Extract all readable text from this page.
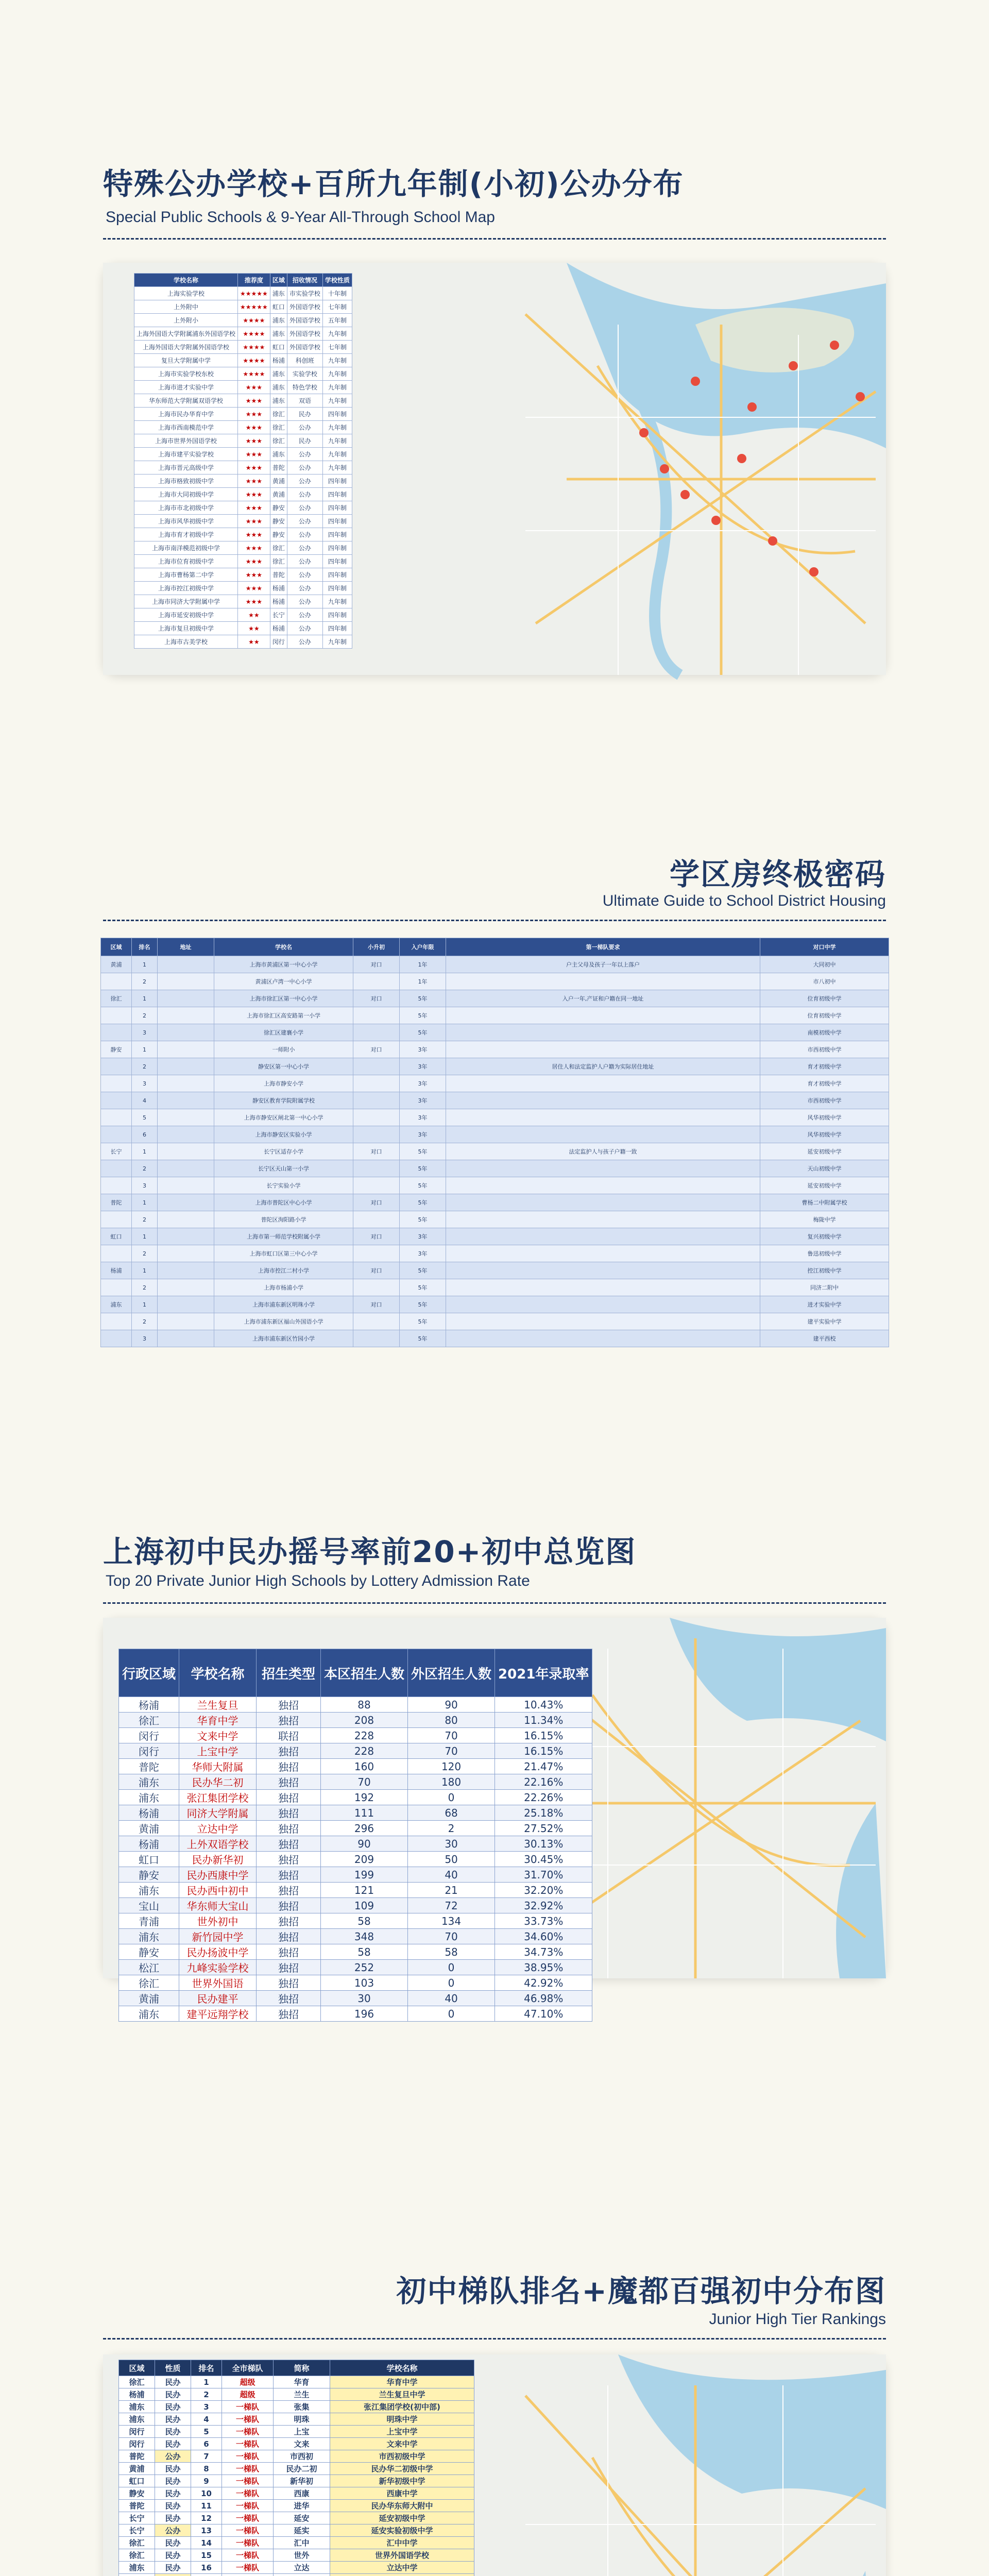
特殊公办学校+百所九年制(小初)公办分布
Special Public Schools & 9-Year All-Through School Map
学校名称	推荐度	区域	招收情况	学校性质
上海实验学校	★★★★★	浦东	市实验学校	十年制
上外附中	★★★★★	虹口	外国语学校	七年制
上外附小	★★★★	浦东	外国语学校	五年制
上海外国语大学附属浦东外国语学校	★★★★	浦东	外国语学校	九年制
上海外国语大学附属外国语学校	★★★★	虹口	外国语学校	七年制
复旦大学附属中学	★★★★	杨浦	科创班	九年制
上海市实验学校东校	★★★★	浦东	实验学校	九年制
上海市进才实验中学	★★★	浦东	特色学校	九年制
华东师范大学附属双语学校	★★★	浦东	双语	九年制
上海市民办华育中学	★★★	徐汇	民办	四年制
上海市西南模范中学	★★★	徐汇	公办	九年制
上海市世界外国语学校	★★★	徐汇	民办	九年制
上海市建平实验学校	★★★	浦东	公办	九年制
上海市晋元高级中学	★★★	普陀	公办	九年制
上海市格致初级中学	★★★	黄浦	公办	四年制
上海市大同初级中学	★★★	黄浦	公办	四年制
上海市市北初级中学	★★★	静安	公办	四年制
上海市风华初级中学	★★★	静安	公办	四年制
上海市育才初级中学	★★★	静安	公办	四年制
上海市南洋模范初级中学	★★★	徐汇	公办	四年制
上海市位育初级中学	★★★	徐汇	公办	四年制
上海市曹杨第二中学	★★★	普陀	公办	四年制
上海市控江初级中学	★★★	杨浦	公办	四年制
上海市同济大学附属中学	★★★	杨浦	公办	九年制
上海市延安初级中学	★★	长宁	公办	四年制
上海市复旦初级中学	★★	杨浦	公办	四年制
上海市古美学校	★★	闵行	公办	九年制
学区房终极密码
Ultimate Guide to School District Housing
区域	排名	地址	学校名	小升初	入户年限	第一梯队要求	对口中学
黄浦	1		上海市黄浦区第一中心小学	对口	1年	户主父母及孩子一年以上落户	大同初中
	2		黄浦区卢湾一中心小学		1年		市八初中
徐汇	1		上海市徐汇区第一中心小学	对口	5年	入户一年,产证和户籍在同一地址	位育初级中学
	2		上海市徐汇区高安路第一小学		5年		位育初级中学
	3		徐汇区建襄小学		5年		南模初级中学
静安	1		一师附小	对口	3年		市西初级中学
	2		静安区第一中心小学		3年	居住人和法定监护人户籍为实际居住地址	育才初级中学
	3		上海市静安小学		3年		育才初级中学
	4		静安区教育学院附属学校		3年		市西初级中学
	5		上海市静安区闸北第一中心小学		3年		风华初级中学
	6		上海市静安区实验小学		3年		风华初级中学
长宁	1		长宁区适存小学	对口	5年	法定监护人与孩子户籍一致	延安初级中学
	2		长宁区天山第一小学		5年		天山初级中学
	3		长宁实验小学		5年		延安初级中学
普陀	1		上海市普陀区中心小学	对口	5年		曹杨二中附属学校
	2		普陀区洵阳路小学		5年		梅陇中学
虹口	1		上海市第一师范学校附属小学	对口	3年		复兴初级中学
	2		上海市虹口区第三中心小学		3年		鲁迅初级中学
杨浦	1		上海市控江二村小学	对口	5年		控江初级中学
	2		上海市杨浦小学		5年		同济二附中
浦东	1		上海市浦东新区明珠小学	对口	5年		进才实验中学
	2		上海市浦东新区福山外国语小学		5年		建平实验中学
	3		上海市浦东新区竹园小学		5年		建平西校
上海初中民办摇号率前20+初中总览图
Top 20 Private Junior High Schools by Lottery Admission Rate
行政区域	学校名称	招生类型	本区招生人数	外区招生人数	2021年录取率
杨浦	兰生复旦	独招	88	90	10.43%
徐汇	华育中学	独招	208	80	11.34%
闵行	文来中学	联招	228	70	16.15%
闵行	上宝中学	独招	228	70	16.15%
普陀	华师大附属	独招	160	120	21.47%
浦东	民办华二初	独招	70	180	22.16%
浦东	张江集团学校	独招	192	0	22.26%
杨浦	同济大学附属	独招	111	68	25.18%
黄浦	立达中学	独招	296	2	27.52%
杨浦	上外双语学校	独招	90	30	30.13%
虹口	民办新华初	独招	209	50	30.45%
静安	民办西康中学	独招	199	40	31.70%
浦东	民办西中初中	独招	121	21	32.20%
宝山	华东师大宝山	独招	109	72	32.92%
青浦	世外初中	独招	58	134	33.73%
浦东	新竹园中学	独招	348	70	34.60%
静安	民办扬波中学	独招	58	58	34.73%
松江	九峰实验学校	独招	252	0	38.95%
徐汇	世界外国语	独招	103	0	42.92%
黄浦	民办建平	独招	30	40	46.98%
浦东	建平远翔学校	独招	196	0	47.10%
初中梯队排名+魔都百强初中分布图
Junior High Tier Rankings
区域	性质	排名	全市梯队	简称	学校名称
徐汇	民办	1	超级	华育	华育中学
杨浦	民办	2	超级	兰生	兰生复旦中学
浦东	民办	3	一梯队	张集	张江集团学校(初中部)
浦东	民办	4	一梯队	明珠	明珠中学
闵行	民办	5	一梯队	上宝	上宝中学
闵行	民办	6	一梯队	文来	文来中学
普陀	公办	7	一梯队	市西初	市西初级中学
黄浦	民办	8	一梯队	民办二初	民办华二初级中学
虹口	民办	9	一梯队	新华初	新华初级中学
静安	民办	10	一梯队	西康	西康中学
普陀	民办	11	一梯队	进华	民办华东师大附中
长宁	民办	12	一梯队	延安	延安初级中学
长宁	公办	13	一梯队	延实	延安实验初级中学
徐汇	民办	14	一梯队	汇中	汇中中学
徐汇	民办	15	一梯队	世外	世界外国语学校
浦东	民办	16	一梯队	立达	立达中学
